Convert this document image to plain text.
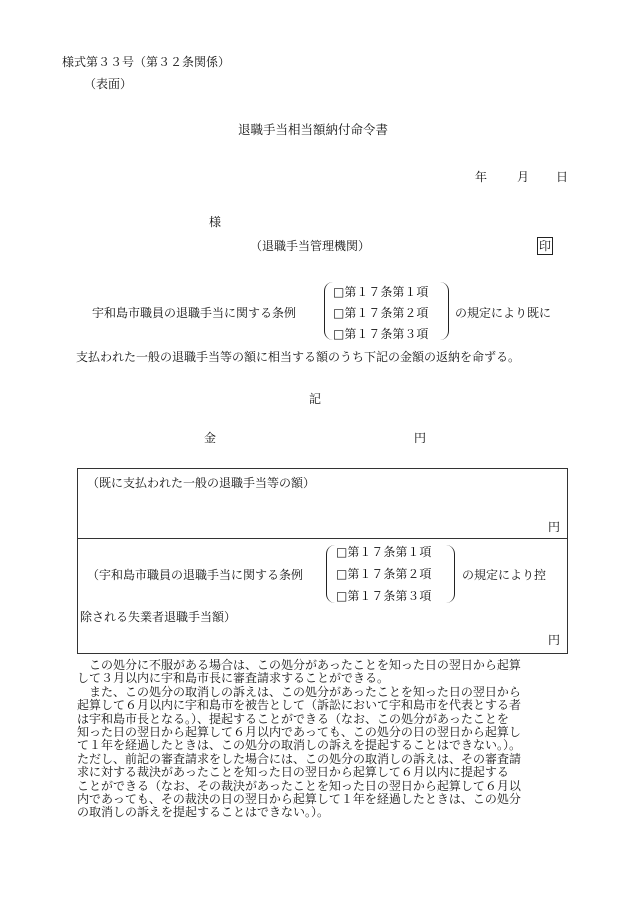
様式第３３号（第３２条関係）
（表面）
退職手当相当額納付命令書
年 月 日
様
（退職手当管理機関）	印
宇和島市職員の退職手当に関する条例
□第１７条第１項
□第１７条第２項
□第１７条第３項
の規定により既に
支払われた一般の退職手当等の額に相当する額のうち下記の金額の返納を命ずる。
記
金	円
（既に支払われた一般の退職手当等の額）
円
（宇和島市職員の退職手当に関する条例
□第１７条第１項
□第１７条第２項
□第１７条第３項
の規定により控
除される失業者退職手当額）
円

　この処分に不服がある場合は、この処分があったことを知った日の翌日から起算

して３月以内に宇和島市長に審査請求することができる。

　また、この処分の取消しの訴えは、この処分があったことを知った日の翌日から

起算して６月以内に宇和島市を被告として（訴訟において宇和島市を代表とする者

は宇和島市長となる。）、提起することができる（なお、この処分があったことを

知った日の翌日から起算して６月以内であっても、この処分の日の翌日から起算し

て１年を経過したときは、この処分の取消しの訴えを提起することはできない。）。

ただし、前記の審査請求をした場合には、この処分の取消しの訴えは、その審査請

求に対する裁決があったことを知った日の翌日から起算して６月以内に提起する

ことができる（なお、その裁決があったことを知った日の翌日から起算して６月以

内であっても、その裁決の日の翌日から起算して１年を経過したときは、この処分

の取消しの訴えを提起することはできない。）。
